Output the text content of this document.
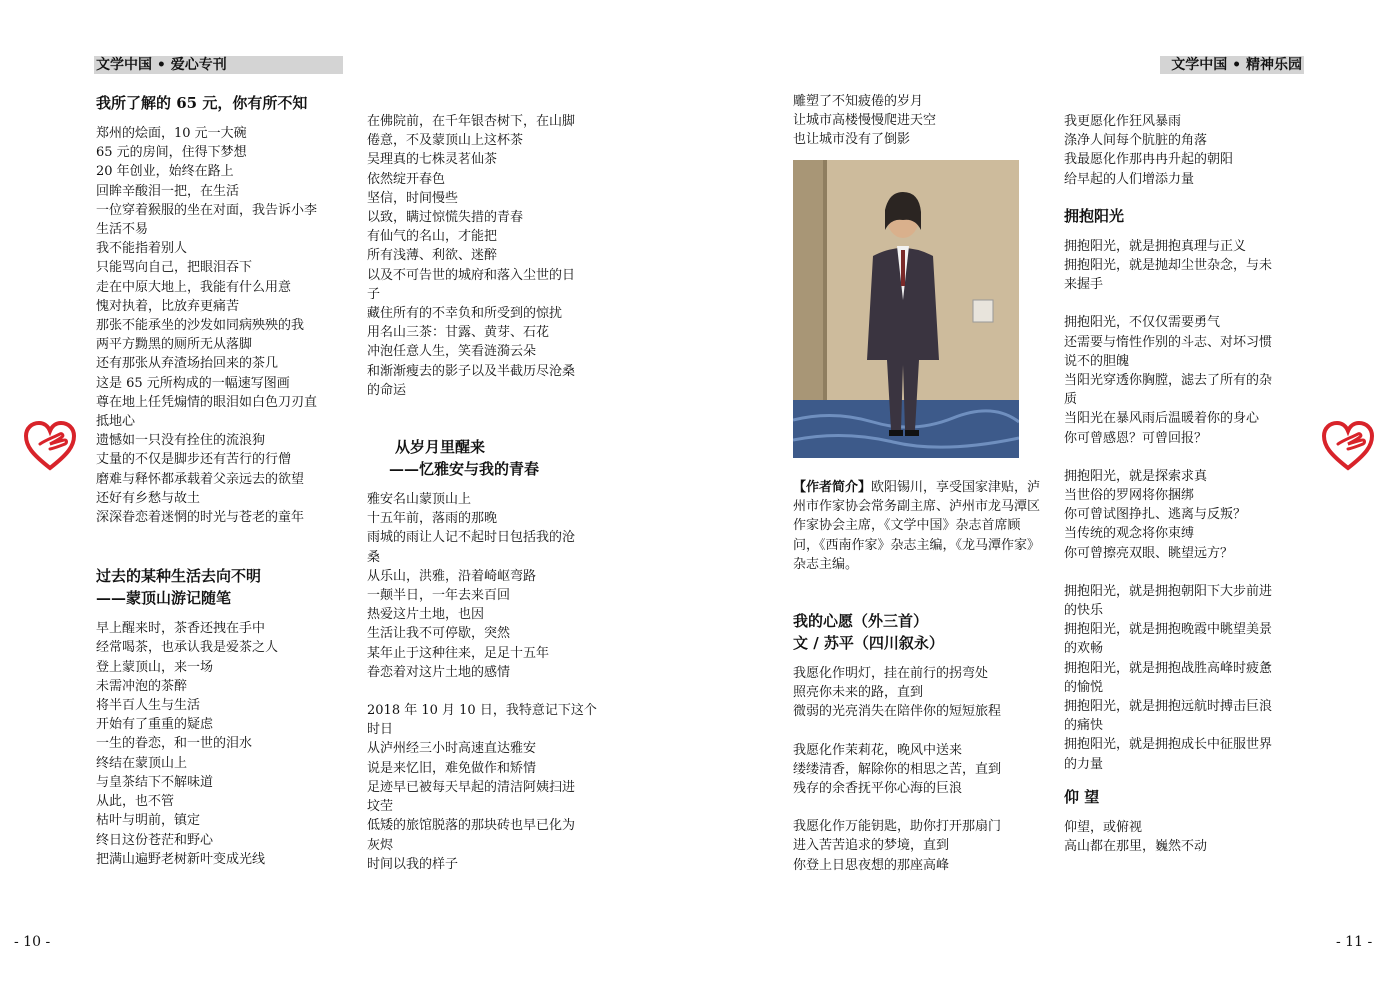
文学中国 • 爱心专刊	文学中国 • 精神乐园
我所了解的 65 元，你有所不知
郑州的烩面，10 元一大碗
65 元的房间，住得下梦想
20 年创业，始终在路上
回眸辛酸泪一把，在生活
一位穿着猴服的坐在对面，我告诉小李
生活不易
我不能指着别人
只能骂向自己，把眼泪吞下
走在中原大地上，我能有什么用意
愧对执着，比放弃更痛苦
那张不能承坐的沙发如同病殃殃的我
两平方黝黑的厕所无从落脚
还有那张从弃渣场抬回来的茶几
这是 65 元所构成的一幅速写图画
尊在地上任凭煽情的眼泪如白色刀刃直
抵地心
遗憾如一只没有拴住的流浪狗
丈量的不仅是脚步还有苦行的行僧
磨难与释怀都承载着父亲远去的欲望
还好有乡愁与故土
深深眷恋着迷惘的时光与苍老的童年
过去的某种生活去向不明
——蒙顶山游记随笔
早上醒来时，茶香还拽在手中
经常喝茶，也承认我是爱茶之人
登上蒙顶山，来一场
未需冲泡的茶醉
将半百人生与生活
开始有了重重的疑虑
一生的眷恋，和一世的泪水
终结在蒙顶山上
与皇茶结下不解味道
从此，也不管
枯叶与明前，镇定
终日这份苍茫和野心
把满山遍野老树新叶变成光线
在佛院前，在千年银杏树下，在山脚
倦意，不及蒙顶山上这杯茶
吴理真的七株灵茗仙茶
依然绽开春色
坚信，时间慢些
以致，瞒过惊慌失措的青春
有仙气的名山，才能把
所有浅薄、利欲、迷醉
以及不可告世的城府和落入尘世的日
子
藏住所有的不幸负和所受到的惊扰
用名山三茶：甘露、黄芽、石花
冲泡任意人生，笑看涟漪云朵
和渐渐瘦去的影子以及半截历尽沧桑
的命运
从岁月里醒来
——忆雅安与我的青春
雅安名山蒙顶山上
十五年前，落雨的那晚
雨城的雨让人记不起时日包括我的沧
桑
从乐山，洪雅，沿着崎岖弯路
一颠半日，一年去来百回
热爱这片土地，也因
生活让我不可停歇，突然
某年止于这种往来，足足十五年
眷恋着对这片土地的感情
2018 年 10 月 10 日，我特意记下这个
时日
从泸州经三小时高速直达雅安
说是来忆旧，难免做作和矫情
足迹早已被每天早起的清洁阿姨扫进
坟茔
低矮的旅馆脱落的那块砖也早已化为
灰烬
时间以我的样子
雕塑了不知疲倦的岁月
让城市高楼慢慢爬进天空
也让城市没有了倒影
【作者简介】欧阳锡川，享受国家津贴，泸州市作家协会常务副主席、泸州市龙马潭区作家协会主席，《文学中国》杂志首席顾问，《西南作家》杂志主编，《龙马潭作家》杂志主编。
我的心愿（外三首）
文 / 苏平（四川叙永）
我愿化作明灯，挂在前行的拐弯处
照亮你未来的路，直到
微弱的光亮消失在陪伴你的短短旅程
我愿化作茉莉花，晚风中送来
缕缕清香，解除你的相思之苦，直到
残存的余香抚平你心海的巨浪
我愿化作万能钥匙，助你打开那扇门
进入苦苦追求的梦境，直到
你登上日思夜想的那座高峰
我更愿化作狂风暴雨
涤净人间每个肮脏的角落
我最愿化作那冉冉升起的朝阳
给早起的人们增添力量
拥抱阳光
拥抱阳光，就是拥抱真理与正义
拥抱阳光，就是抛却尘世杂念，与未
来握手
拥抱阳光，不仅仅需要勇气
还需要与惰性作别的斗志、对坏习惯
说不的胆魄
当阳光穿透你胸膛，滤去了所有的杂
质
当阳光在暴风雨后温暖着你的身心
你可曾感恩？可曾回报？
拥抱阳光，就是探索求真
当世俗的罗网将你捆绑
你可曾试图挣扎、逃离与反叛？
当传统的观念将你束缚
你可曾擦亮双眼、眺望远方？
拥抱阳光，就是拥抱朝阳下大步前进
的快乐
拥抱阳光，就是拥抱晚霞中眺望美景
的欢畅
拥抱阳光，就是拥抱战胜高峰时疲惫
的愉悦
拥抱阳光，就是拥抱远航时搏击巨浪
的痛快
拥抱阳光，就是拥抱成长中征服世界
的力量
仰 望
仰望，或俯视
高山都在那里，巍然不动
- 10 -	- 11 -
